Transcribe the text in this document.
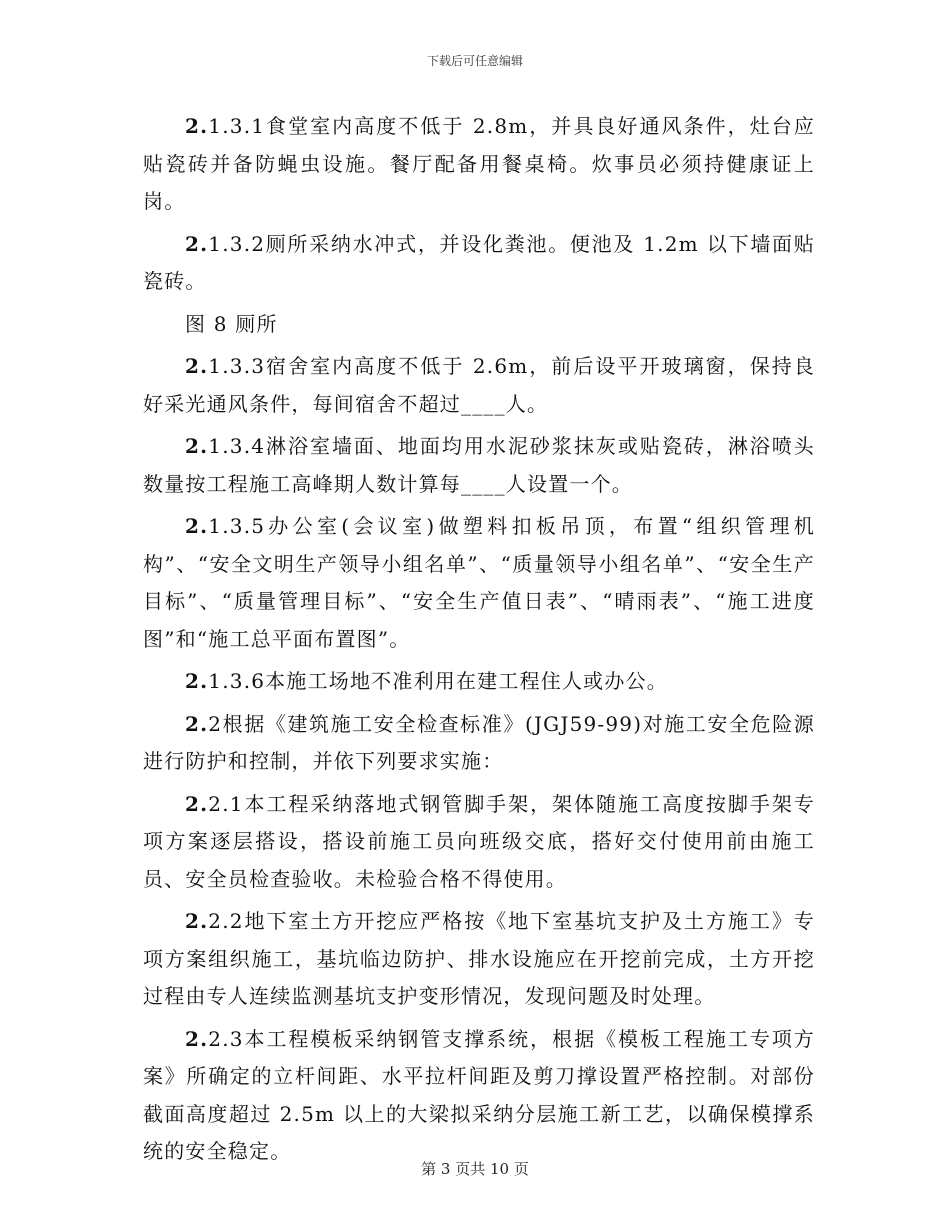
下载后可任意编辑

2.1.3.1食堂室内高度不低于 2.8m，并具良好通风条件，灶台应贴瓷砖并备防蝇虫设施。餐厅配备用餐桌椅。炊事员必须持健康证上岗。

2.1.3.2厕所采纳水冲式，并设化粪池。便池及 1.2m 以下墙面贴瓷砖。

图 8 厕所

2.1.3.3宿舍室内高度不低于 2.6m，前后设平开玻璃窗，保持良好采光通风条件，每间宿舍不超过____人。

2.1.3.4淋浴室墙面、地面均用水泥砂浆抹灰或贴瓷砖，淋浴喷头数量按工程施工高峰期人数计算每____人设置一个。

2.1.3.5办公室(会议室)做塑料扣板吊顶，布置“组织管理机构”、“安全文明生产领导小组名单”、“质量领导小组名单”、“安全生产目标”、“质量管理目标”、“安全生产值日表”、“晴雨表”、“施工进度图”和“施工总平面布置图”。

2.1.3.6本施工场地不准利用在建工程住人或办公。

2.2根据《建筑施工安全检查标准》(JGJ59-99)对施工安全危险源进行防护和控制，并依下列要求实施：

2.2.1本工程采纳落地式钢管脚手架，架体随施工高度按脚手架专项方案逐层搭设，搭设前施工员向班级交底，搭好交付使用前由施工员、安全员检查验收。未检验合格不得使用。

2.2.2地下室土方开挖应严格按《地下室基坑支护及土方施工》专项方案组织施工，基坑临边防护、排水设施应在开挖前完成，土方开挖过程由专人连续监测基坑支护变形情况，发现问题及时处理。

2.2.3本工程模板采纳钢管支撑系统，根据《模板工程施工专项方案》所确定的立杆间距、水平拉杆间距及剪刀撑设置严格控制。对部份截面高度超过 2.5m 以上的大梁拟采纳分层施工新工艺，以确保模撑系统的安全稳定。

第 3 页共 10 页
